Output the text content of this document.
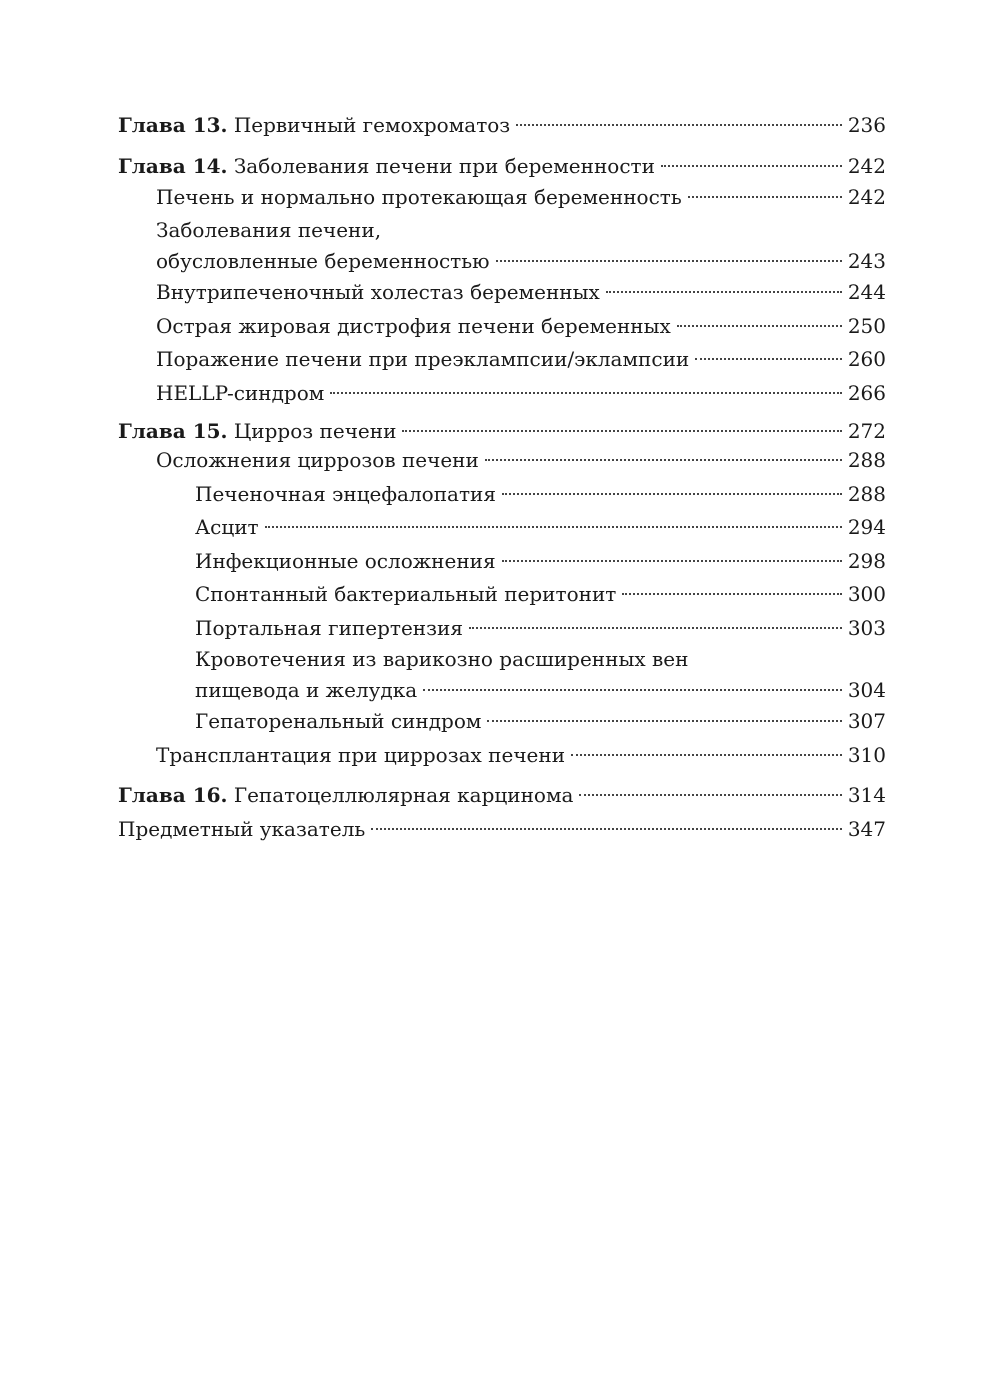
Глава 13. Первичный гемохроматоз	236
Глава 14. Заболевания печени при беременности	242
Печень и нормально протекающая беременность	242
Заболевания печени,
обусловленные беременностью	243
Внутрипеченочный холестаз беременных	244
Острая жировая дистрофия печени беременных	250
Поражение печени при преэклампсии/эклампсии	260
HELLP-синдром	266
Глава 15. Цирроз печени	272
Осложнения циррозов печени	288
Печеночная энцефалопатия	288
Асцит	294
Инфекционные осложнения	298
Спонтанный бактериальный перитонит	300
Портальная гипертензия	303
Кровотечения из варикозно расширенных вен
пищевода и желудка	304
Гепаторенальный синдром	307
Трансплантация при циррозах печени	310
Глава 16. Гепатоцеллюлярная карцинома	314
Предметный указатель	347
